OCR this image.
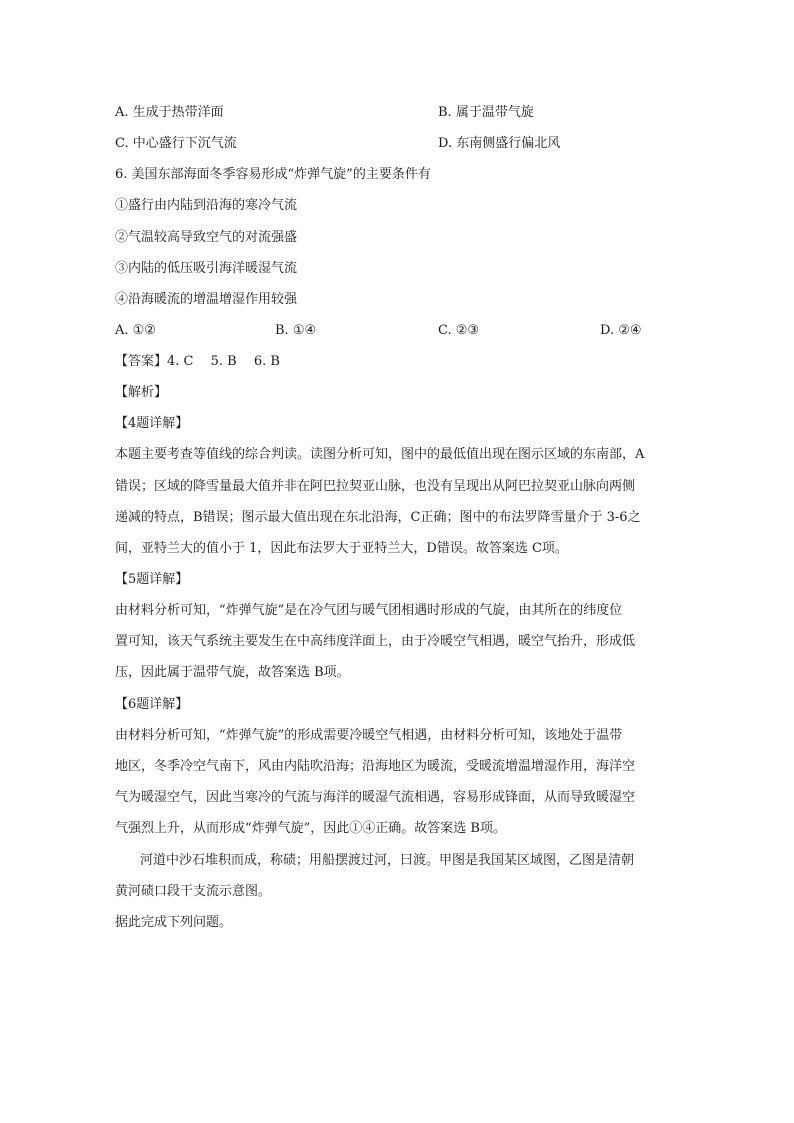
A. 生成于热带洋面	B. 属于温带气旋
C. 中心盛行下沉气流	D. 东南侧盛行偏北风
6. 美国东部海面冬季容易形成“炸弹气旋”的主要条件有
①盛行由内陆到沿海的寒冷气流
②气温较高导致空气的对流强盛
③内陆的低压吸引海洋暖湿气流
④沿海暖流的增温增湿作用较强
A. ①②	B. ①④	C. ②③	D. ②④
【答案】4. C　 5. B　 6. B
【解析】
【4题详解】
本题主要考查等值线的综合判读。读图分析可知，图中的最低值出现在图示区域的东南部，A
错误；区域的降雪量最大值并非在阿巴拉契亚山脉，也没有呈现出从阿巴拉契亚山脉向两侧
递减的特点，B错误；图示最大值出现在东北沿海，C正确；图中的布法罗降雪量介于 3-6之
间，亚特兰大的值小于 1，因此布法罗大于亚特兰大，D错误。故答案选 C项。
【5题详解】
由材料分析可知，“炸弹气旋”是在冷气团与暖气团相遇时形成的气旋，由其所在的纬度位
置可知，该天气系统主要发生在中高纬度洋面上，由于冷暖空气相遇，暖空气抬升，形成低
压，因此属于温带气旋，故答案选 B项。
【6题详解】
由材料分析可知，“炸弹气旋”的形成需要冷暖空气相遇，由材料分析可知，该地处于温带
地区，冬季冷空气南下，风由内陆吹沿海；沿海地区为暖流，受暖流增温增湿作用，海洋空
气为暖湿空气，因此当寒冷的气流与海洋的暖湿气流相遇，容易形成锋面，从而导致暖湿空
气强烈上升，从而形成“炸弹气旋”，因此①④正确。故答案选 B项。
河道中沙石堆积而成，称碛；用船摆渡过河，曰渡。甲图是我国某区域图，乙图是清朝
黄河碛口段干支流示意图。
据此完成下列问题。
